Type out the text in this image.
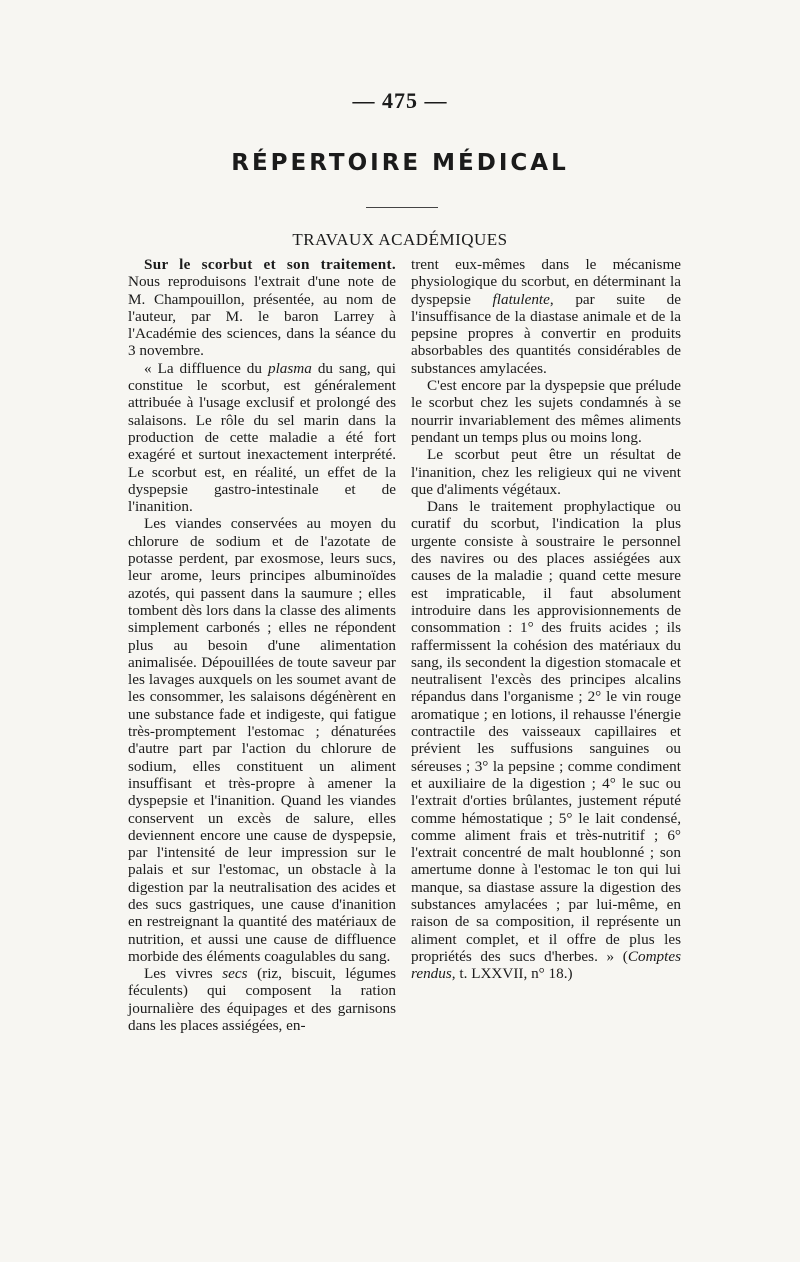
— 475 —
RÉPERTOIRE MÉDICAL
TRAVAUX ACADÉMIQUES

Sur le scorbut et son traitement. Nous reproduisons l'extrait d'une note de M. Champouillon, présentée, au nom de l'auteur, par M. le baron Larrey à l'Académie des sciences, dans la séance du 3 novembre.

« La diffluence du plasma du sang, qui constitue le scorbut, est généralement attribuée à l'usage exclusif et prolongé des salaisons. Le rôle du sel marin dans la production de cette maladie a été fort exagéré et surtout inexactement interprété. Le scorbut est, en réalité, un effet de la dyspepsie gastro-intestinale et de l'inanition.

Les viandes conservées au moyen du chlorure de sodium et de l'azotate de potasse perdent, par exosmose, leurs sucs, leur arome, leurs principes albuminoïdes azotés, qui passent dans la saumure ; elles tombent dès lors dans la classe des aliments simplement carbonés ; elles ne répondent plus au besoin d'une alimentation animalisée. Dépouillées de toute saveur par les lavages auxquels on les soumet avant de les consommer, les salaisons dégénèrent en une substance fade et indigeste, qui fatigue très-promptement l'estomac ; dénaturées d'autre part par l'action du chlorure de sodium, elles constituent un aliment insuffisant et très-propre à amener la dyspepsie et l'inanition. Quand les viandes conservent un excès de salure, elles deviennent encore une cause de dyspepsie, par l'intensité de leur impression sur le palais et sur l'estomac, un obstacle à la digestion par la neutralisation des acides et des sucs gastriques, une cause d'inanition en restreignant la quantité des matériaux de nutrition, et aussi une cause de diffluence morbide des éléments coagulables du sang.

Les vivres secs (riz, biscuit, légumes féculents) qui composent la ration journalière des équipages et des garnisons dans les places assiégées, en-

trent eux-mêmes dans le mécanisme physiologique du scorbut, en déterminant la dyspepsie flatulente, par suite de l'insuffisance de la diastase animale et de la pepsine propres à convertir en produits absorbables des quantités considérables de substances amylacées.

C'est encore par la dyspepsie que prélude le scorbut chez les sujets condamnés à se nourrir invariablement des mêmes aliments pendant un temps plus ou moins long.

Le scorbut peut être un résultat de l'inanition, chez les religieux qui ne vivent que d'aliments végétaux.

Dans le traitement prophylactique ou curatif du scorbut, l'indication la plus urgente consiste à soustraire le personnel des navires ou des places assiégées aux causes de la maladie ; quand cette mesure est impraticable, il faut absolument introduire dans les approvisionnements de consommation : 1° des fruits acides ; ils raffermissent la cohésion des matériaux du sang, ils secondent la digestion stomacale et neutralisent l'excès des principes alcalins répandus dans l'organisme ; 2° le vin rouge aromatique ; en lotions, il rehausse l'énergie contractile des vaisseaux capillaires et prévient les suffusions sanguines ou séreuses ; 3° la pepsine ; comme condiment et auxiliaire de la digestion ; 4° le suc ou l'extrait d'orties brûlantes, justement réputé comme hémostatique ; 5° le lait condensé, comme aliment frais et très-nutritif ; 6° l'extrait concentré de malt houblonné ; son amertume donne à l'estomac le ton qui lui manque, sa diastase assure la digestion des substances amylacées ; par lui-même, en raison de sa composition, il représente un aliment complet, et il offre de plus les propriétés des sucs d'herbes. » (Comptes rendus, t. LXXVII, n° 18.)
